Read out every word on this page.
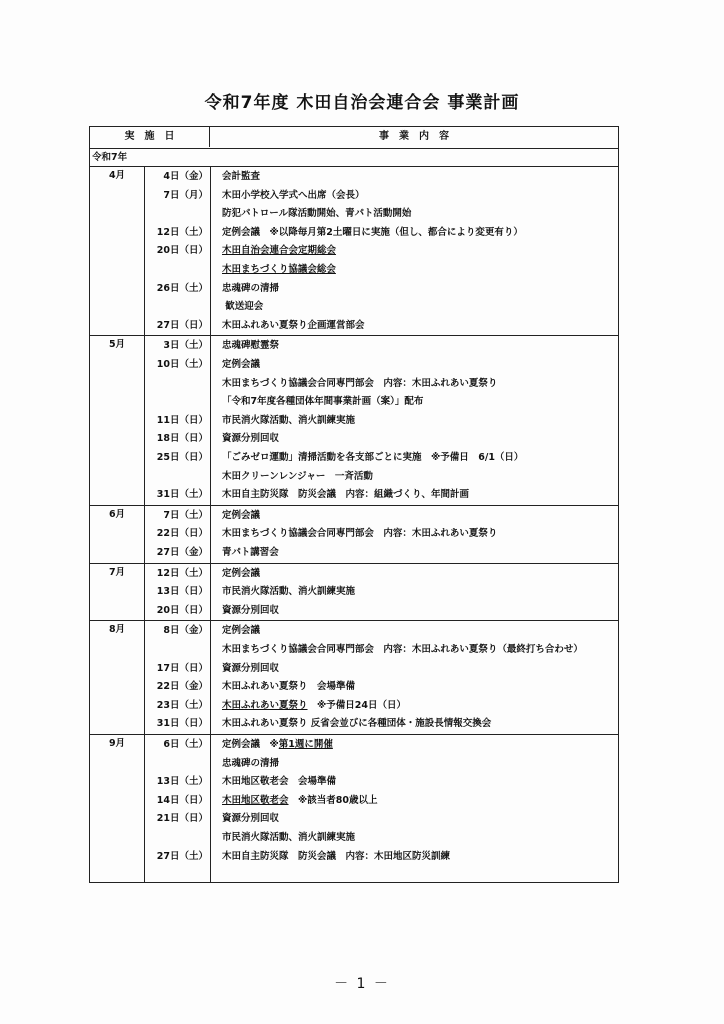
令和7年度 木田自治会連合会 事業計画
実　施　日	事　業　内　容
令和7年
4月	4日（金） 会計監査
7日（月） 木田小学校入学式へ出席（会長）
防犯パトロール隊活動開始、青パト活動開始
12日（土） 定例会議　※以降毎月第2土曜日に実施（但し、都合により変更有り）
20日（日） 木田自治会連合会定期総会
木田まちづくり協議会総会
26日（土） 忠魂碑の清掃
歓送迎会
27日（日） 木田ふれあい夏祭り企画運営部会
5月	3日（土） 忠魂碑慰霊祭
10日（土） 定例会議
木田まちづくり協議会合同専門部会　内容：木田ふれあい夏祭り
「令和7年度各種団体年間事業計画（案）」配布
11日（日） 市民消火隊活動、消火訓練実施
18日（日） 資源分別回収
25日（日） 「ごみゼロ運動」清掃活動を各支部ごとに実施　※予備日　6/1（日）
木田クリーンレンジャー　一斉活動
31日（土） 木田自主防災隊　防災会議　内容：組織づくり、年間計画
6月	7日（土） 定例会議
22日（日） 木田まちづくり協議会合同専門部会　内容：木田ふれあい夏祭り
27日（金） 青パト講習会
7月	12日（土） 定例会議
13日（日） 市民消火隊活動、消火訓練実施
20日（日） 資源分別回収
8月	8日（金） 定例会議
木田まちづくり協議会合同専門部会　内容：木田ふれあい夏祭り（最終打ち合わせ）
17日（日） 資源分別回収
22日（金） 木田ふれあい夏祭り　会場準備
23日（土） 木田ふれあい夏祭り　※予備日24日（日）
31日（日） 木田ふれあい夏祭り 反省会並びに各種団体・施設長情報交換会
9月	6日（土） 定例会議　※第1週に開催
忠魂碑の清掃
13日（土） 木田地区敬老会　会場準備
14日（日） 木田地区敬老会　※該当者80歳以上
21日（日） 資源分別回収
市民消火隊活動、消火訓練実施
27日（土） 木田自主防災隊　防災会議　内容：木田地区防災訓練
－ 1 －
